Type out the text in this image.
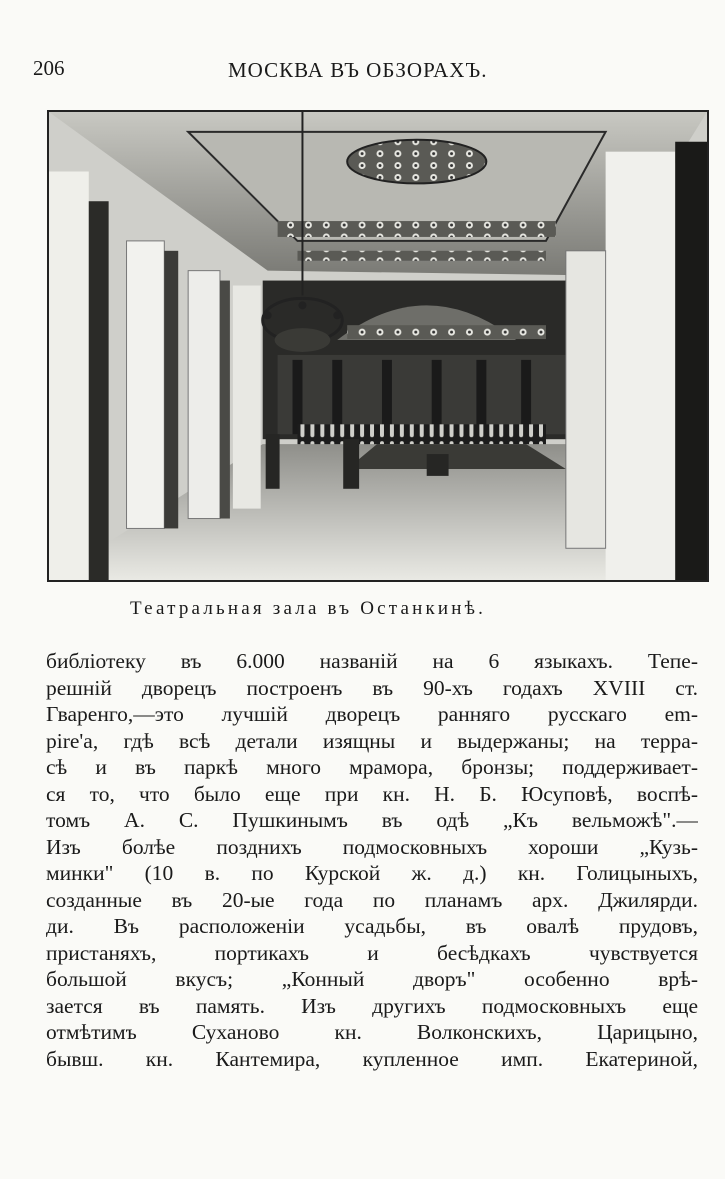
206	МОСКВА ВЪ ОБЗОРАХЪ.
Театральная зала въ Останкинѣ.
библіотеку въ 6.000 названій на 6 языкахъ. Тепе-
решній дворецъ построенъ въ 90-хъ годахъ XVIII ст.
Гваренго,—это лучшій дворецъ ранняго русскаго em-
pire'а, гдѣ всѣ детали изящны и выдержаны; на терра-
сѣ и въ паркѣ много мрамора, бронзы; поддерживает-
ся то, что было еще при кн. Н. Б. Юсуповѣ, воспѣ-
томъ А. С. Пушкинымъ въ одѣ „Къ вельможѣ".—
Изъ болѣе позднихъ подмосковныхъ хороши „Кузь-
минки" (10 в. по Курской ж. д.) кн. Голицыныхъ,
созданные въ 20-ые года по планамъ арх. Джилярди.
ди. Въ расположеніи усадьбы, въ овалѣ прудовъ,
пристаняхъ, портикахъ и бесѣдкахъ чувствуется
большой вкусъ; „Конный дворъ" особенно врѣ-
зается въ память. Изъ другихъ подмосковныхъ еще
отмѣтимъ Суханово кн. Волконскихъ, Царицыно,
бывш. кн. Кантемира, купленное имп. Екатериной,
